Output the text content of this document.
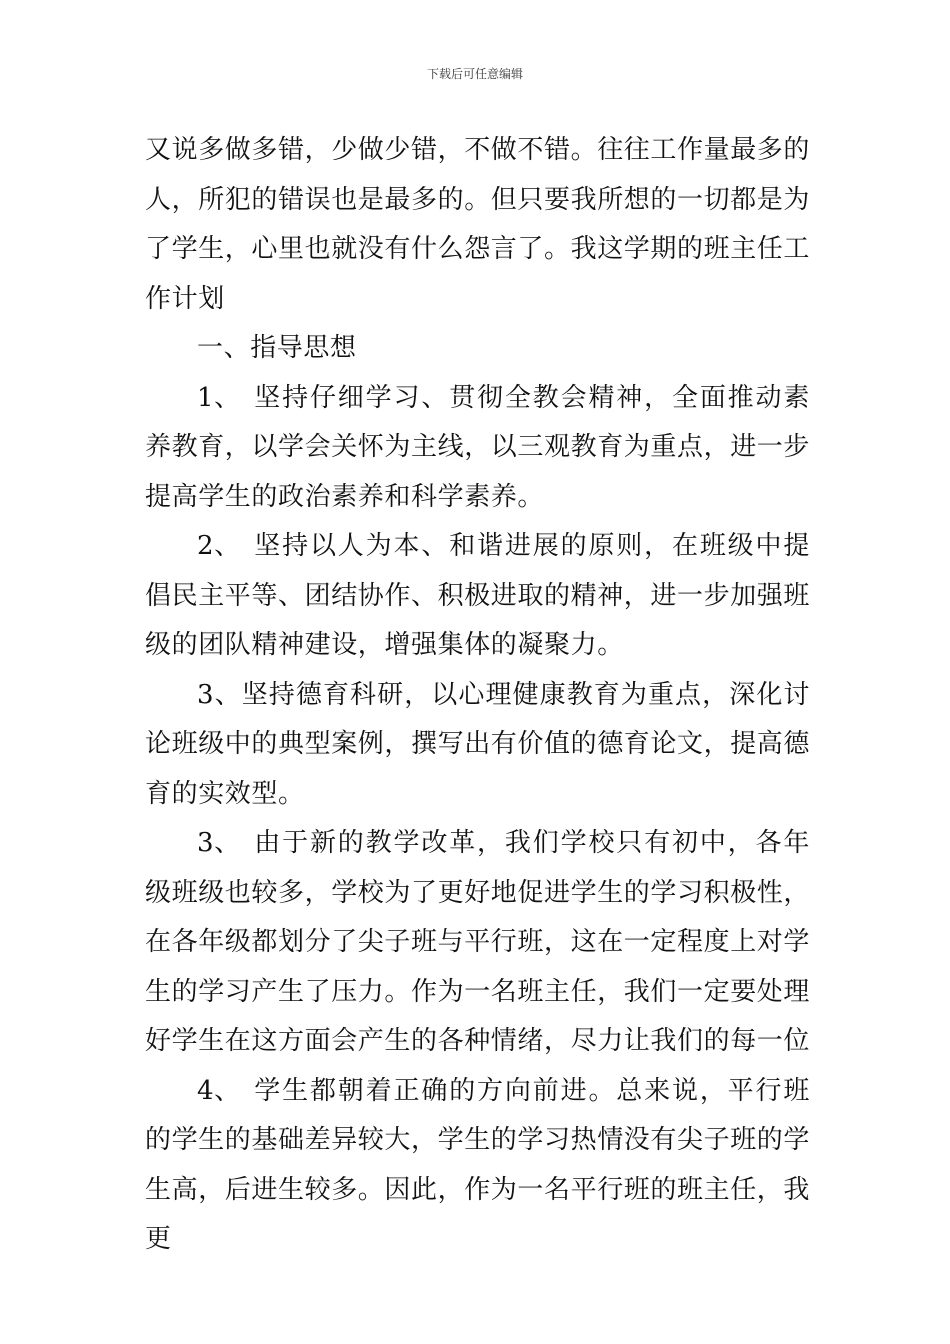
下载后可任意编辑

又说多做多错，少做少错，不做不错。往往工作量最多的人，所犯的错误也是最多的。但只要我所想的一切都是为了学生，心里也就没有什么怨言了。我这学期的班主任工作计划

一、指导思想

1、 坚持仔细学习、贯彻全教会精神，全面推动素养教育，以学会关怀为主线，以三观教育为重点，进一步提高学生的政治素养和科学素养。

2、 坚持以人为本、和谐进展的原则，在班级中提倡民主平等、团结协作、积极进取的精神，进一步加强班级的团队精神建设，增强集体的凝聚力。

3、坚持德育科研，以心理健康教育为重点，深化讨论班级中的典型案例，撰写出有价值的德育论文，提高德育的实效型。

3、 由于新的教学改革，我们学校只有初中，各年级班级也较多，学校为了更好地促进学生的学习积极性，在各年级都划分了尖子班与平行班，这在一定程度上对学生的学习产生了压力。作为一名班主任，我们一定要处理好学生在这方面会产生的各种情绪，尽力让我们的每一位

4、 学生都朝着正确的方向前进。总来说，平行班的学生的基础差异较大，学生的学习热情没有尖子班的学生高，后进生较多。因此，作为一名平行班的班主任，我更
